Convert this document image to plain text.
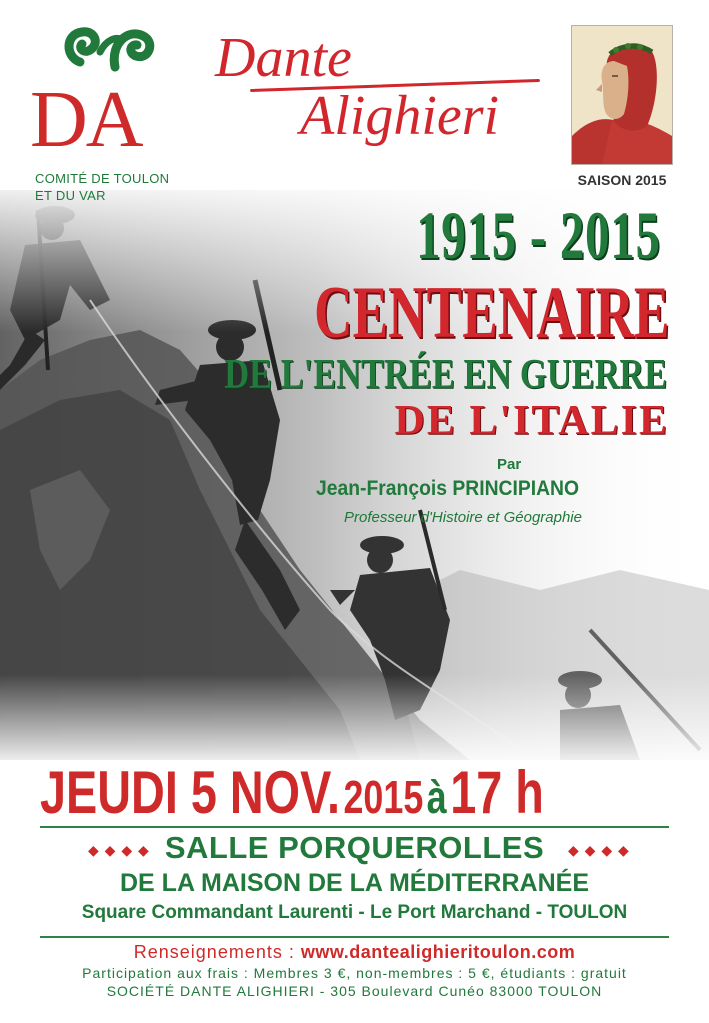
DA
COMITÉ DE TOULON
ET DU VAR
Dante
Alighieri
SAISON 2015
1915 - 2015
CENTENAIRE
DE L'ENTRÉE EN GUERRE
DE L'ITALIE
Par
Jean-François PRINCIPIANO
Professeur d'Histoire et Géographie
JEUDI 5 NOV. 2015 à 17 h
◆ ◆ ◆ ◆	◆ ◆ ◆ ◆
SALLE PORQUEROLLES
DE LA MAISON DE LA MÉDITERRANÉE
Square Commandant Laurenti - Le Port Marchand - TOULON
Renseignements : www.dantealighieritoulon.com
Participation aux frais : Membres 3 €, non-membres : 5 €, étudiants : gratuit
SOCIÉTÉ DANTE ALIGHIERI - 305 Boulevard Cunéo 83000 TOULON
